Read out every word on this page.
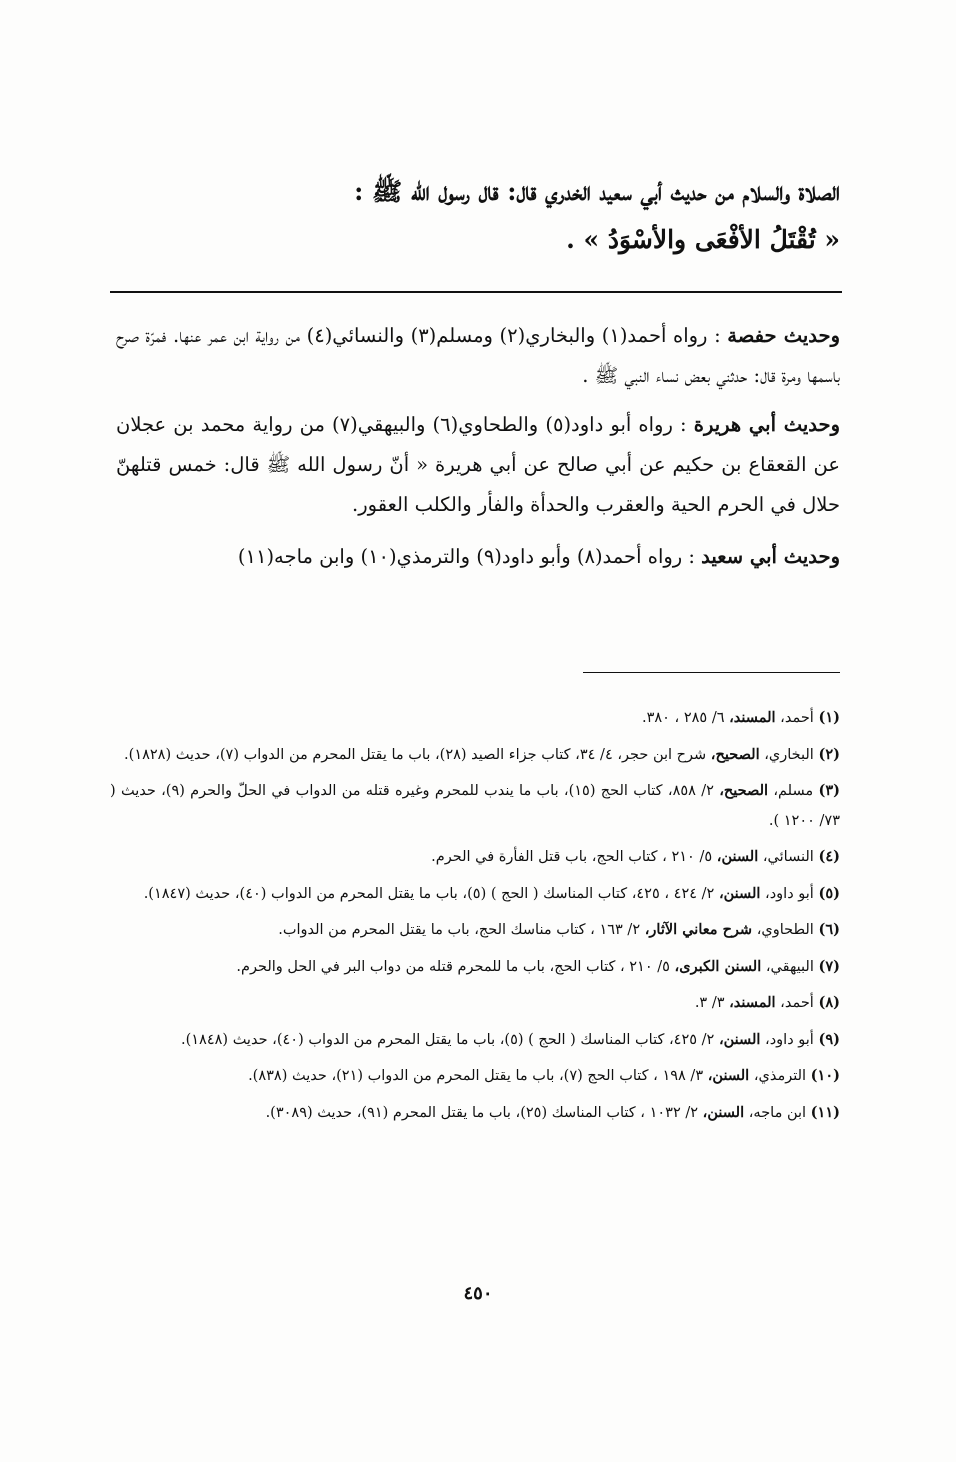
الصلاة والسلام من حديث أبي سعيد الخدري قال: قال رسول الله ﷺ :
« تُقْتَلُ الأفْعَى والأسْوَدُ » .

وحديث حفصة : رواه أحمد(١) والبخاري(٢) ومسلم(٣) والنسائي(٤) من رواية ابن عمر عنها. فمرّة صرح باسمها ومرة قال: حدثني بعض نساء النبي ﷺ .

وحديث أبي هريرة : رواه أبو داود(٥) والطحاوي(٦) والبيهقي(٧) من رواية محمد بن عجلان عن القعقاع بن حكيم عن أبي صالح عن أبي هريرة « أنّ رسول الله ﷺ قال: خمس قتلهنّ حلال في الحرم الحية والعقرب والحدأة والفأر والكلب العقور.

وحديث أبي سعيد : رواه أحمد(٨) وأبو داود(٩) والترمذي(١٠) وابن ماجه(١١)

(١) أحمد، المسند، ٦/ ٢٨٥ ، ٣٨٠.
(٢) البخاري، الصحيح، شرح ابن حجر، ٤/ ٣٤، كتاب جزاء الصيد (٢٨)، باب ما يقتل المحرم من الدواب (٧)، حديث (١٨٢٨).
(٣) مسلم، الصحيح، ٢/ ٨٥٨، كتاب الحج (١٥)، باب ما يندب للمحرم وغيره قتله من الدواب في الحلّ والحرم (٩)، حديث ( ٧٣/ ١٢٠٠ ).
(٤) النسائي، السنن، ٥/ ٢١٠ ، كتاب الحج، باب قتل الفأرة في الحرم.
(٥) أبو داود، السنن، ٢/ ٤٢٤ ، ٤٢٥، كتاب المناسك ( الحج ) (٥)، باب ما يقتل المحرم من الدواب (٤٠)، حديث (١٨٤٧).
(٦) الطحاوي، شرح معاني الآثار، ٢/ ١٦٣ ، كتاب مناسك الحج، باب ما يقتل المحرم من الدواب.
(٧) البيهقي، السنن الكبرى، ٥/ ٢١٠ ، كتاب الحج، باب ما للمحرم قتله من دواب البر في الحل والحرم.
(٨) أحمد، المسند، ٣/ ٣.
(٩) أبو داود، السنن، ٢/ ٤٢٥، كتاب المناسك ( الحج ) (٥)، باب ما يقتل المحرم من الدواب (٤٠)، حديث (١٨٤٨).
(١٠) الترمذي، السنن، ٣/ ١٩٨ ، كتاب الحج (٧)، باب ما يقتل المحرم من الدواب (٢١)، حديث (٨٣٨).
(١١) ابن ماجه، السنن، ٢/ ١٠٣٢ ، كتاب المناسك (٢٥)، باب ما يقتل المحرم (٩١)، حديث (٣٠٨٩).
٤٥٠
